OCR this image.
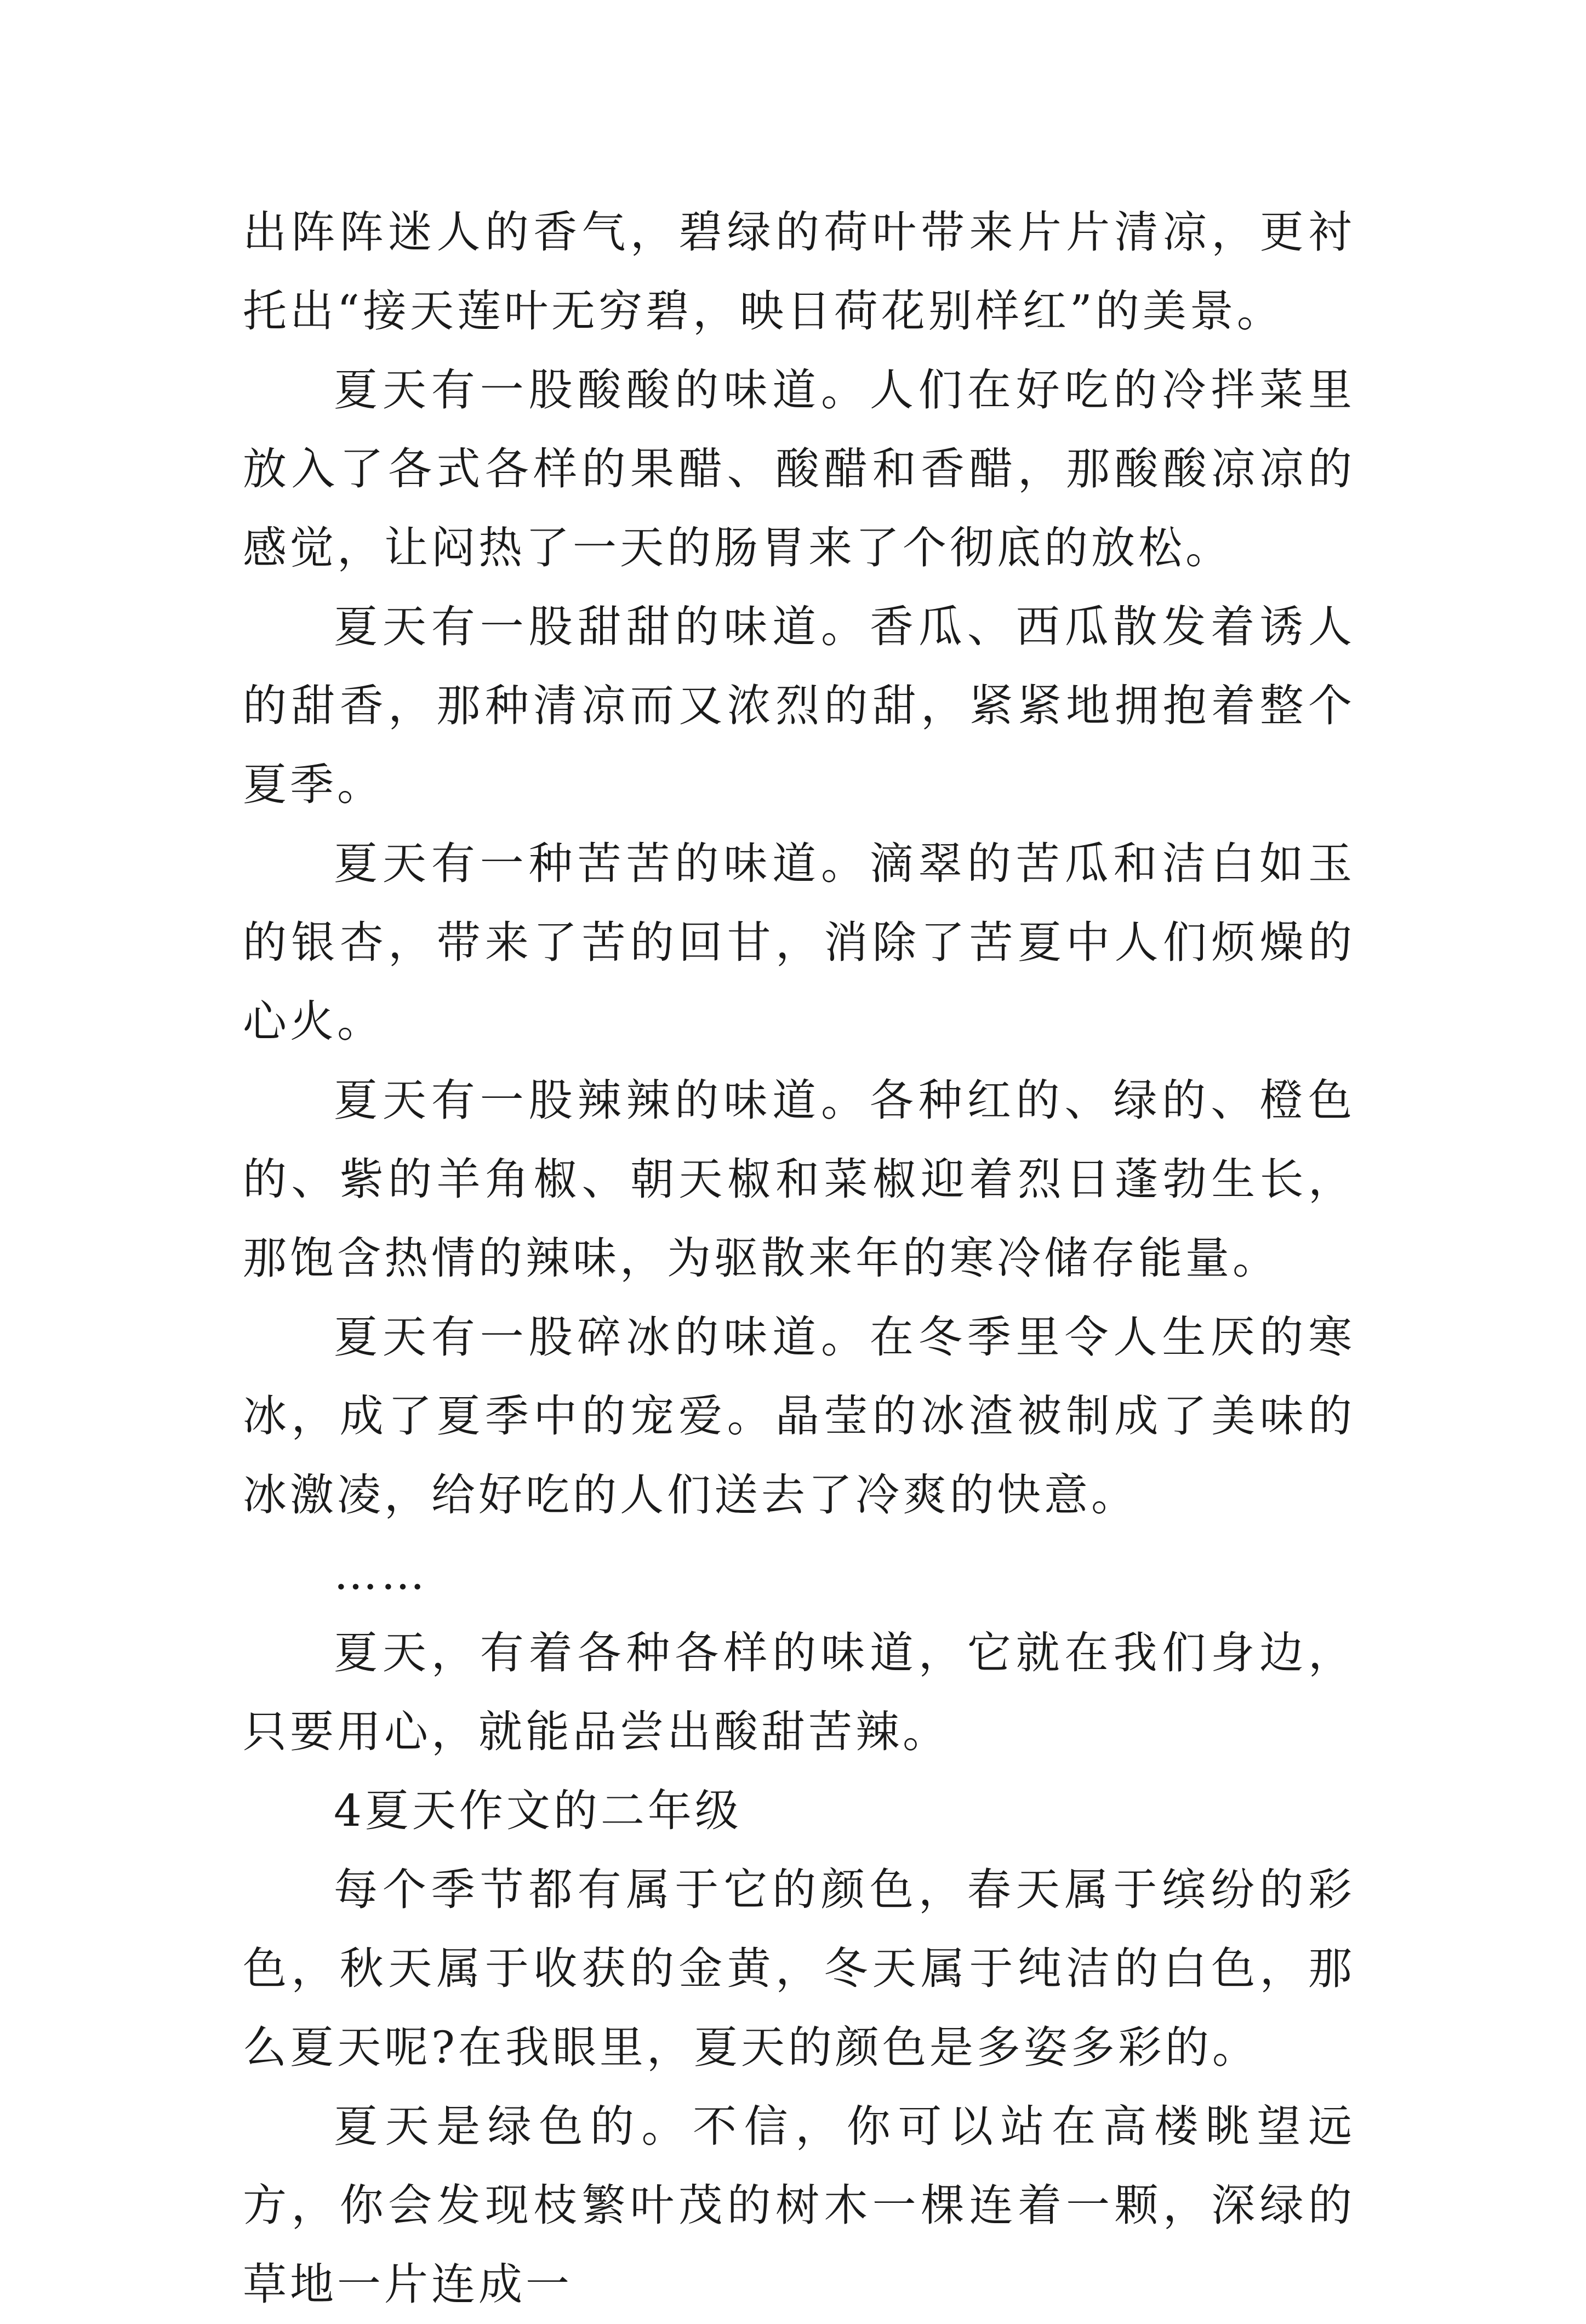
出阵阵迷人的香气，碧绿的荷叶带来片片清凉，更衬托出“接天莲叶无穷碧，映日荷花别样红”的美景。

夏天有一股酸酸的味道。人们在好吃的冷拌菜里放入了各式各样的果醋、酸醋和香醋，那酸酸凉凉的感觉，让闷热了一天的肠胃来了个彻底的放松。

夏天有一股甜甜的味道。香瓜、西瓜散发着诱人的甜香，那种清凉而又浓烈的甜，紧紧地拥抱着整个夏季。

夏天有一种苦苦的味道。滴翠的苦瓜和洁白如玉的银杏，带来了苦的回甘，消除了苦夏中人们烦燥的心火。

夏天有一股辣辣的味道。各种红的、绿的、橙色的、紫的羊角椒、朝天椒和菜椒迎着烈日蓬勃生长，那饱含热情的辣味，为驱散来年的寒冷储存能量。

夏天有一股碎冰的味道。在冬季里令人生厌的寒冰，成了夏季中的宠爱。晶莹的冰渣被制成了美味的冰激凌，给好吃的人们送去了冷爽的快意。

……

夏天，有着各种各样的味道，它就在我们身边，只要用心，就能品尝出酸甜苦辣。

4夏天作文的二年级

每个季节都有属于它的颜色，春天属于缤纷的彩色，秋天属于收获的金黄，冬天属于纯洁的白色，那么夏天呢?在我眼里，夏天的颜色是多姿多彩的。

夏天是绿色的。不信，你可以站在高楼眺望远方，你会发现枝繁叶茂的树木一棵连着一颗，深绿的草地一片连成一
